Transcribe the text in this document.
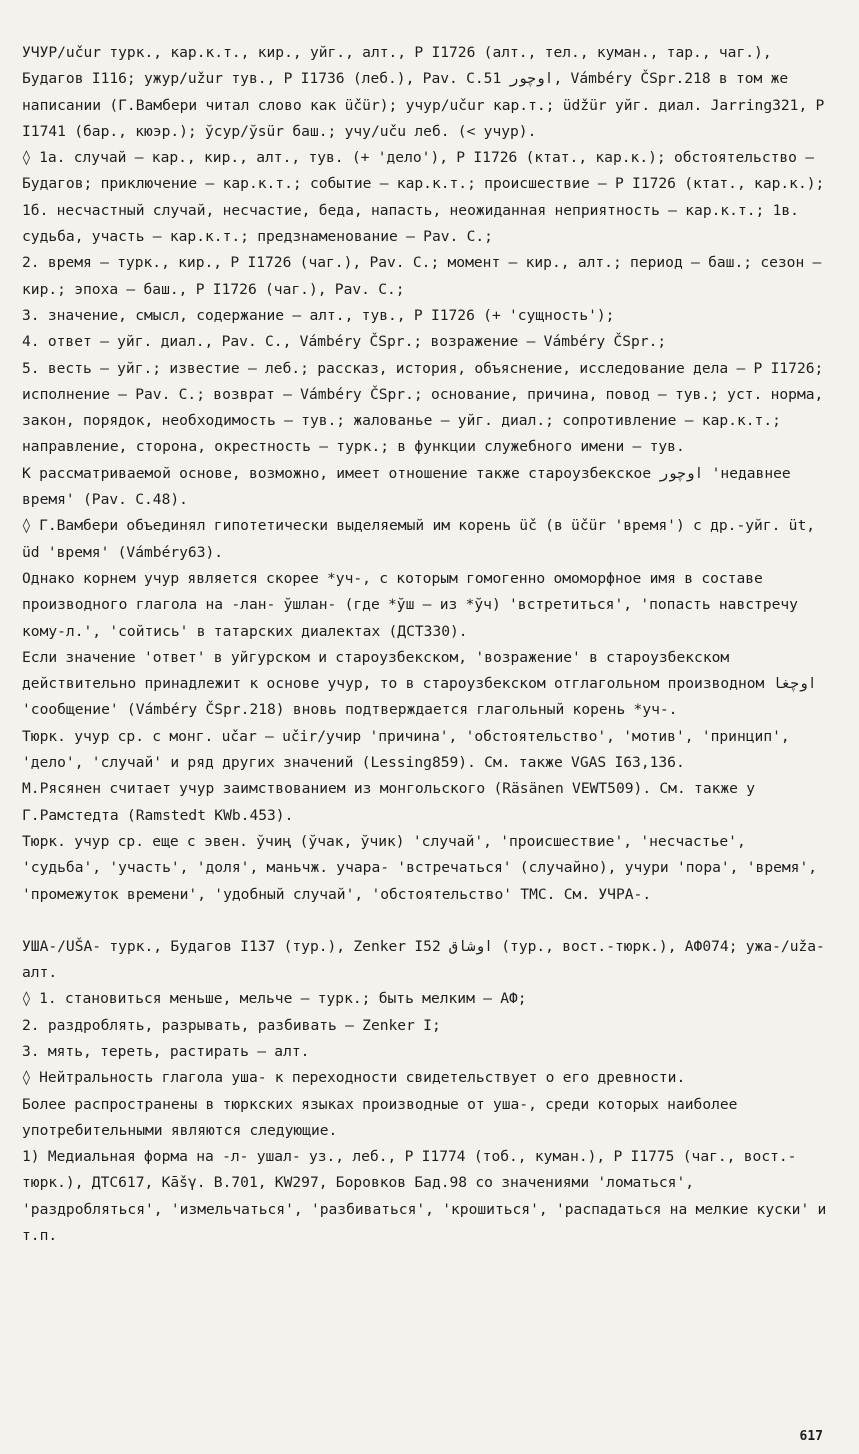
УЧУР/učur турк., кар.к.т., кир., уйг., алт., Р I1726 (алт., тел., куман., тар., чаг.), Будагов I116; ужур/užur тув., Р I1736 (леб.), Pav. C.51 اوچور, Vámbéry ČSpr.218 в том же написании (Г.Вамбери читал слово как üčür); учур/učur кар.т.; üdžür уйг. диал. Jarring321, Р I1741 (бар., кюэр.); ўсур/ўsür баш.; учу/uču леб. (< учур).

◊ 1а. случай – кар., кир., алт., тув. (+ 'дело'), Р I1726 (ктат., кар.к.); обстоятельство – Будагов; приключение – кар.к.т.; событие – кар.к.т.; происшествие – Р I1726 (ктат., кар.к.); 1б. несчастный случай, несчастие, беда, напасть, неожиданная неприятность – кар.к.т.; 1в. судьба, участь – кар.к.т.; предзнаменование – Pav. C.;

2. время – турк., кир., Р I1726 (чаг.), Pav. C.; момент – кир., алт.; период – баш.; сезон – кир.; эпоха – баш., Р I1726 (чаг.), Pav. C.;

3. значение, смысл, содержание – алт., тув., Р I1726 (+ 'сущность');

4. ответ – уйг. диал., Pav. C., Vámbéry ČSpr.; возражение – Vámbéry ČSpr.;

5. весть – уйг.; известие – леб.; рассказ, история, объяснение, исследование дела – Р I1726; исполнение – Pav. C.; возврат – Vámbéry ČSpr.; основание, причина, повод – тув.; уст. норма, закон, порядок, необходимость – тув.; жалованье – уйг. диал.; сопротивление – кар.к.т.; направление, сторона, окрестность – турк.; в функции служебного имени – тув.

К рассматриваемой основе, возможно, имеет отношение также староузбекское اوچور 'недавнее время' (Pav. C.48).

◊ Г.Вамбери объединял гипотетически выделяемый им корень üč (в üčür 'время') с др.-уйг. üt, üd 'время' (Vámbéry63).

Однако корнем учур является скорее *уч-, с которым гомогенно омоморфное имя в составе производного глагола на -лан- ўшлан- (где *ўш – из *ўч) 'встретиться', 'попасть навстречу кому-л.', 'сойтись' в татарских диалектах (ДСТ330).

Если значение 'ответ' в уйгурском и староузбекском, 'возражение' в староузбекском действительно принадлежит к основе учур, то в староузбекском отглагольном производном اوچغا 'сообщение' (Vámbéry ČSpr.218) вновь подтверждается глагольный корень *уч-.

Тюрк. учур ср. с монг. učar – učir/учир 'причина', 'обстоятельство', 'мотив', 'принцип', 'дело', 'случай' и ряд других значений (Lessing859). См. также VGAS I63,136.

М.Рясянен считает учур заимствованием из монгольского (Räsänen VEWT509). См. также у Г.Рамстедта (Ramstedt KWb.453).

Тюрк. учур ср. еще с эвен. ўчиң (ўчак, ўчик) 'случай', 'происшествие', 'несчастье', 'судьба', 'участь', 'доля', маньчж. учара- 'встречаться' (случайно), учури 'пора', 'время', 'промежуток времени', 'удобный случай', 'обстоятельство' ТМС. См. УЧРА-.

УША-/UŠA- турк., Будагов I137 (тур.), Zenker I52 اوشاق (тур., вост.-тюрк.), АФ074; ужа-/uža- алт.

◊ 1. становиться меньше, мельче – турк.; быть мелким – АФ;

2. раздроблять, разрывать, разбивать – Zenker I;

3. мять, тереть, растирать – алт.

◊ Нейтральность глагола уша- к переходности свидетельствует о его древности.

Более распространены в тюркских языках производные от уша-, среди которых наиболее употребительными являются следующие.

1) Медиальная форма на -л- ушал- уз., леб., Р I1774 (тоб., куман.), Р I1775 (чаг., вост.-тюрк.), ДТС617, Kāšγ. B.701, KW297, Боровков Бад.98 со значениями 'ломаться', 'раздробляться', 'измельчаться', 'разбиваться', 'крошиться', 'распадаться на мелкие куски' и т.п.

617
